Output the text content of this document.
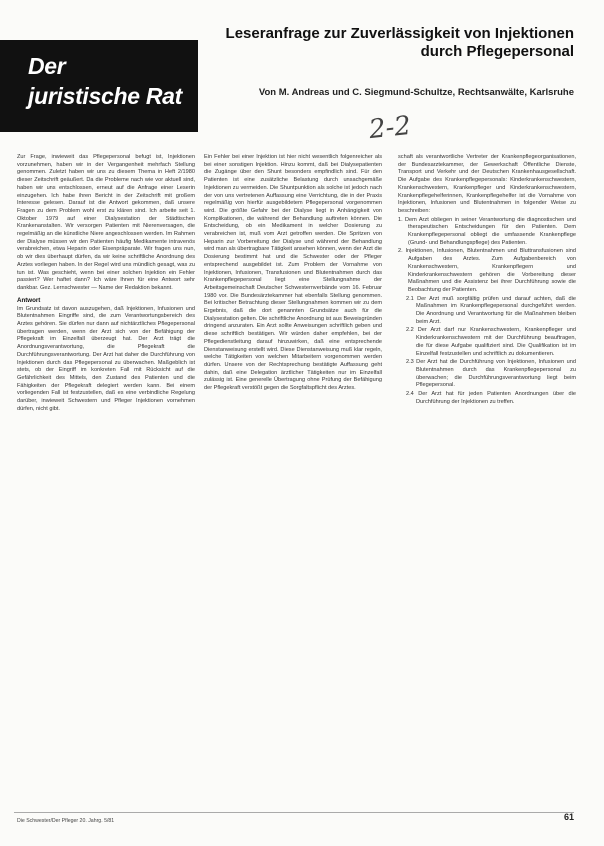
Der
juristische Rat
Leseranfrage zur Zuverlässigkeit von Injektionen durch Pflegepersonal
Von M. Andreas und C. Siegmund-Schultze, Rechtsanwälte, Karlsruhe
2-2

Zur Frage, inwieweit das Pflegepersonal befugt ist, Injektionen vorzunehmen, haben wir in der Vergangenheit mehrfach Stellung genommen. Zuletzt haben wir uns zu diesem Thema in Heft 2/1980 dieser Zeitschrift geäußert. Da die Probleme nach wie vor aktuell sind, haben wir uns entschlossen, erneut auf die Anfrage einer Leserin einzugehen. Ich habe ihren Bericht in der Zeitschrift mit großem Interesse gelesen. Darauf ist die Antwort gekommen, daß unsere Fragen zu dem Problem wohl erst zu klären sind. Ich arbeite seit 1. Oktober 1979 auf einer Dialysestation der Städtischen Krankenanstalten. Wir versorgen Patienten mit Nierenversagen, die regelmäßig an die künstliche Niere angeschlossen werden. Im Rahmen der Dialyse müssen wir den Patienten häufig Medikamente intravenös verabreichen, etwa Heparin oder Eisenpräparate. Wir fragen uns nun, ob wir dies überhaupt dürfen, da wir keine schriftliche Anordnung des Arztes vorliegen haben. In der Regel wird uns mündlich gesagt, was zu tun ist. Was geschieht, wenn bei einer solchen Injektion ein Fehler passiert? Wer haftet dann? Ich wäre Ihnen für eine Antwort sehr dankbar. Gez. Lernschwester — Name der Redaktion bekannt.

Antwort

Im Grundsatz ist davon auszugehen, daß Injektionen, Infusionen und Blutentnahmen Eingriffe sind, die zum Verantwortungsbereich des Arztes gehören. Sie dürfen nur dann auf nichtärztliches Pflegepersonal übertragen werden, wenn der Arzt sich von der Befähigung der Pflegekraft im Einzelfall überzeugt hat. Der Arzt trägt die Anordnungsverantwortung, die Pflegekraft die Durchführungsverantwortung. Der Arzt hat daher die Durchführung von Injektionen durch das Pflegepersonal zu überwachen. Maßgeblich ist stets, ob der Eingriff im konkreten Fall mit Rücksicht auf die Gefährlichkeit des Mittels, den Zustand des Patienten und die Fähigkeiten der Pflegekraft delegiert werden kann. Bei einem vorliegenden Fall ist festzustellen, daß es eine verbindliche Regelung darüber, inwieweit Schwestern und Pfleger Injektionen vornehmen dürfen, nicht gibt.

Ein Fehler bei einer Injektion ist hier nicht wesentlich folgenreicher als bei einer sonstigen Injektion. Hinzu kommt, daß bei Dialysepatienten die Zugänge über den Shunt besonders empfindlich sind. Für den Patienten ist eine zusätzliche Belastung durch unsachgemäße Injektionen zu vermeiden. Die Shuntpunktion als solche ist jedoch nach der von uns vertretenen Auffassung eine Verrichtung, die in der Praxis regelmäßig von hierfür ausgebildetem Pflegepersonal vorgenommen wird. Die größte Gefahr bei der Dialyse liegt in Anhängigkeit von Komplikationen, die während der Behandlung auftreten können. Die Entscheidung, ob ein Medikament in welcher Dosierung zu verabreichen ist, muß vom Arzt getroffen werden. Die Spritzen von Heparin zur Vorbereitung der Dialyse und während der Behandlung wird man als übertragbare Tätigkeit ansehen können, wenn der Arzt die Dosierung bestimmt hat und die Schwester oder der Pfleger entsprechend ausgebildet ist. Zum Problem der Vornahme von Injektionen, Infusionen, Transfusionen und Blutentnahmen durch das Krankenpflegepersonal liegt eine Stellungnahme der Arbeitsgemeinschaft Deutscher Schwesternverbände vom 16. Februar 1980 vor. Die Bundesärztekammer hat ebenfalls Stellung genommen. Bei kritischer Betrachtung dieser Stellungnahmen kommen wir zu dem Ergebnis, daß die dort genannten Grundsätze auch für die Dialysestation gelten. Die schriftliche Anordnung ist aus Beweisgründen dringend anzuraten. Ein Arzt sollte Anweisungen schriftlich geben und diese schriftlich bestätigen. Wir würden daher empfehlen, bei der Pflegedienstleitung darauf hinzuwirken, daß eine entsprechende Dienstanweisung erstellt wird. Diese Dienstanweisung muß klar regeln, welche Tätigkeiten von welchen Mitarbeitern vorgenommen werden dürfen. Unsere von der Rechtsprechung bestätigte Auffassung geht dahin, daß eine Delegation ärztlicher Tätigkeiten nur im Einzelfall zulässig ist. Eine generelle Übertragung ohne Prüfung der Befähigung der Pflegekraft verstößt gegen die Sorgfaltspflicht des Arztes.

schaft als verantwortliche Vertreter der Krankenpflegeorganisationen, der Bundesarztekammer, der Gewerkschaft Öffentliche Dienste, Transport und Verkehr und der Deutschen Krankenhausgesellschaft. Die Aufgabe des Krankenpflegepersonals: Kinderkrankenschwestern, Krankenschwestern, Krankenpfleger und Kinderkrankenschwestern, Krankenpflegehelferinnen, Krankenpflegehelfer ist die Vornahme von Injektionen, Infusionen und Blutentnahmen in folgender Weise zu beschreiben:

1. Dem Arzt obliegen in seiner Verantwortung die diagnostischen und therapeutischen Entscheidungen für den Patienten. Dem Krankenpflegepersonal obliegt die umfassende Krankenpflege (Grund- und Behandlungspflege) des Patienten.

2. Injektionen, Infusionen, Blutentnahmen und Bluttransfusionen sind Aufgaben des Arztes. Zum Aufgabenbereich von Krankenschwestern, Krankenpflegern und Kinderkrankenschwestern gehören die Vorbereitung dieser Maßnahmen und die Assistenz bei ihrer Durchführung sowie die Beobachtung der Patienten.

2.1 Der Arzt muß sorgfältig prüfen und darauf achten, daß die Maßnahmen im Krankenpflegepersonal durchgeführt werden. Die Anordnung und Verantwortung für die Maßnahmen bleiben beim Arzt.

2.2 Der Arzt darf nur Krankenschwestern, Krankenpfleger und Kinderkrankenschwestern mit der Durchführung beauftragen, die für diese Aufgabe qualifiziert sind. Die Qualifikation ist im Einzelfall festzustellen und schriftlich zu dokumentieren.

2.3 Der Arzt hat die Durchführung von Injektionen, Infusionen und Blutentnahmen durch das Krankenpflegepersonal zu überwachen; die Durchführungsverantwortung liegt beim Pflegepersonal.

2.4 Der Arzt hat für jeden Patienten Anordnungen über die Durchführung der Injektionen zu treffen.

Die Schwester/Der Pfleger 20. Jahrg. 5/81	61
